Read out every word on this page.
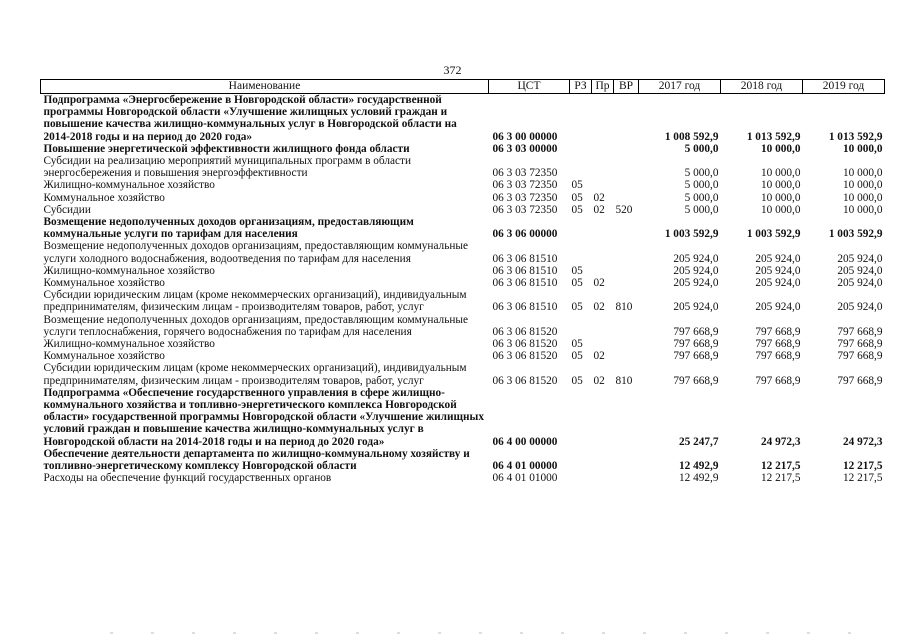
372
Наименование	ЦСТ	РЗ	Пр	ВР	2017 год	2018 год	2019 год
Подпрограмма «Энергосбережение в Новгородской области» государственной программы Новгородской области «Улучшение жилищных условий граждан и повышение качества жилищно-коммунальных услуг в Новгородской области на 2014-2018 годы и на период до 2020 года»	06 3 00 00000				1 008 592,9	1 013 592,9	1 013 592,9
Повышение энергетической эффективности жилищного фонда области	06 3 03 00000				5 000,0	10 000,0	10 000,0
Субсидии на реализацию мероприятий муниципальных программ в области энергосбережения и повышения энергоэффективности	06 3 03 72350				5 000,0	10 000,0	10 000,0
Жилищно-коммунальное хозяйство	06 3 03 72350	05			5 000,0	10 000,0	10 000,0
Коммунальное хозяйство	06 3 03 72350	05	02		5 000,0	10 000,0	10 000,0
Субсидии	06 3 03 72350	05	02	520	5 000,0	10 000,0	10 000,0
Возмещение недополученных доходов организациям, предоставляющим коммунальные услуги по тарифам для населения	06 3 06 00000				1 003 592,9	1 003 592,9	1 003 592,9
Возмещение недополученных доходов организациям, предоставляющим коммунальные услуги холодного водоснабжения, водоотведения по тарифам для населения	06 3 06 81510				205 924,0	205 924,0	205 924,0
Жилищно-коммунальное хозяйство	06 3 06 81510	05			205 924,0	205 924,0	205 924,0
Коммунальное хозяйство	06 3 06 81510	05	02		205 924,0	205 924,0	205 924,0
Субсидии юридическим лицам (кроме некоммерческих организаций), индивидуальным предпринимателям, физическим лицам - производителям товаров, работ, услуг	06 3 06 81510	05	02	810	205 924,0	205 924,0	205 924,0
Возмещение недополученных доходов организациям, предоставляющим коммунальные услуги теплоснабжения, горячего водоснабжения по тарифам для населения	06 3 06 81520				797 668,9	797 668,9	797 668,9
Жилищно-коммунальное хозяйство	06 3 06 81520	05			797 668,9	797 668,9	797 668,9
Коммунальное хозяйство	06 3 06 81520	05	02		797 668,9	797 668,9	797 668,9
Субсидии юридическим лицам (кроме некоммерческих организаций), индивидуальным предпринимателям, физическим лицам - производителям товаров, работ, услуг	06 3 06 81520	05	02	810	797 668,9	797 668,9	797 668,9
Подпрограмма «Обеспечение государственного управления в сфере жилищно-коммунального хозяйства и топливно-энергетического комплекса Новгородской области» государственной программы Новгородской области «Улучшение жилищных условий граждан и повышение качества жилищно-коммунальных услуг в Новгородской области на 2014-2018 годы и на период до 2020 года»	06 4 00 00000				25 247,7	24 972,3	24 972,3
Обеспечение деятельности департамента по жилищно-коммунальному хозяйству и топливно-энергетическому комплексу Новгородской области	06 4 01 00000				12 492,9	12 217,5	12 217,5
Расходы на обеспечение функций государственных органов	06 4 01 01000				12 492,9	12 217,5	12 217,5
